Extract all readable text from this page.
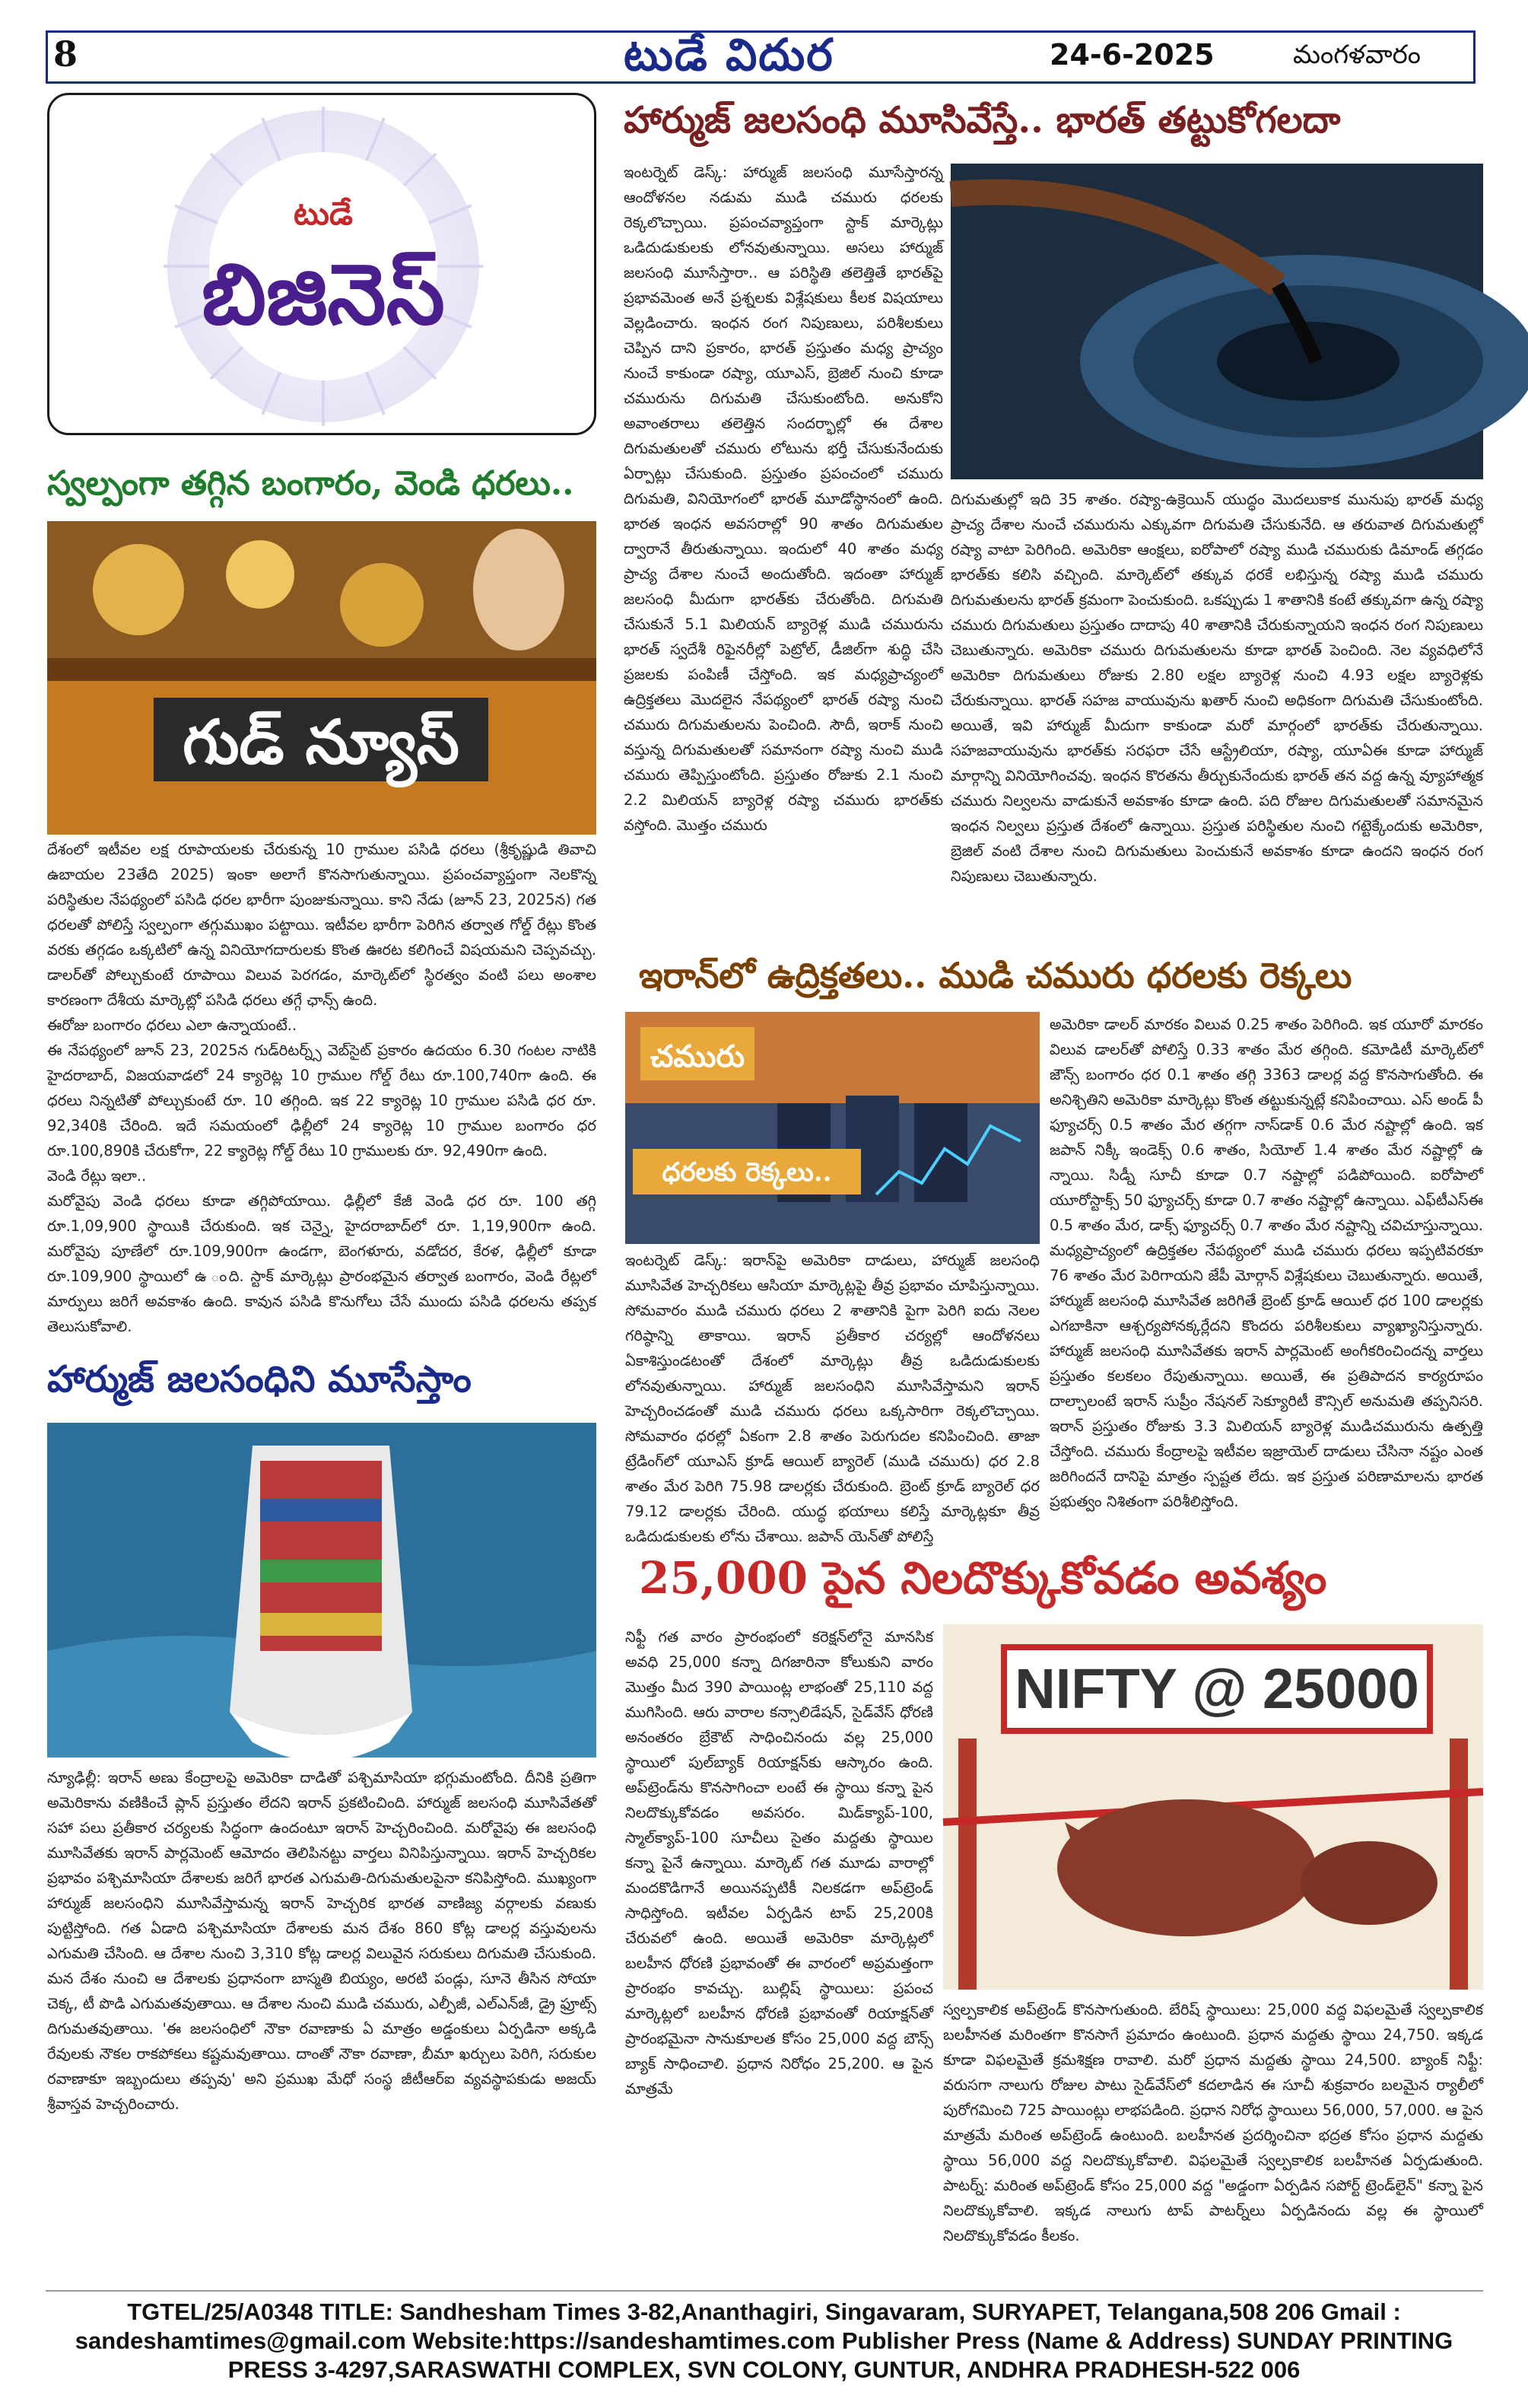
8	టుడే విదుర	24-6-2025	మంగళవారం
టుడే
బిజినెస్
స్వల్పంగా తగ్గిన బంగారం, వెండి ధరలు..
గుడ్ న్యూస్

దేశంలో ఇటీవల లక్ష రూపాయలకు చేరుకున్న 10 గ్రాముల పసిడి ధరలు (శ్రీకృష్ణుడి తివాచి ఉబాయల 23తేది 2025) ఇంకా అలాగే కొనసాగుతున్నాయి. ప్రపంచవ్యాప్తంగా నెలకొన్న పరిస్థితుల నేపథ్యంలో పసిడి ధరల భారీగా పుంజుకున్నాయి. కాని నేడు (జూన్ 23, 2025న) గత ధరలతో పోలిస్తే స్వల్పంగా తగ్గుముఖం పట్టాయి. ఇటీవల భారీగా పెరిగిన తర్వాత గోల్డ్ రేట్లు కొంత వరకు తగ్గడం ఒక్కటిలో ఉన్న వినియోగదారులకు కొంత ఊరట కలిగించే విషయమని చెప్పవచ్చు. డాలర్‌తో పోల్చుకుంటే రూపాయి విలువ పెరగడం, మార్కెట్‌లో స్థిరత్వం వంటి పలు అంశాల కారణంగా దేశీయ మార్కెట్లో పసిడి ధరలు తగ్గే ఛాన్స్ ఉంది.
ఈరోజు బంగారం ధరలు ఎలా ఉన్నాయంటే..
ఈ నేపథ్యంలో జూన్ 23, 2025న గుడ్‌రిటర్న్స్ వెబ్‌సైట్ ప్రకారం ఉదయం 6.30 గంటల నాటికి హైదరాబాద్, విజయవాడలో 24 క్యారెట్ల 10 గ్రాముల గోల్డ్ రేటు రూ.100,740గా ఉంది. ఈ ధరలు నిన్నటితో పోల్చుకుంటే రూ. 10 తగ్గింది. ఇక 22 క్యారెట్ల 10 గ్రాముల పసిడి ధర రూ. 92,340కి చేరింది. ఇదే సమయంలో ఢిల్లీలో 24 క్యారెట్ల 10 గ్రాముల బంగారం ధర రూ.100,890కి చేరుకోగా, 22 క్యారెట్ల గోల్డ్ రేటు 10 గ్రాములకు రూ. 92,490గా ఉంది.
వెండి రేట్లు ఇలా..
మరోవైపు వెండి ధరలు కూడా తగ్గిపోయాయి. ఢిల్లీలో కేజీ వెండి ధర రూ. 100 తగ్గి రూ.1,09,900 స్థాయికి చేరుకుంది. ఇక చెన్నై, హైదరాబాద్‌లో రూ. 1,19,900గా ఉంది. మరోవైపు పూణేలో రూ.109,900గా ఉండగా, బెంగళూరు, వడోదర, కేరళ, ఢిల్లీలో కూడా రూ.109,900 స్థాయిలో ఉ ంది. స్టాక్ మార్కెట్లు ప్రారంభమైన తర్వాత బంగారం, వెండి రేట్లలో మార్పులు జరిగే అవకాశం ఉంది. కావున పసిడి కొనుగోలు చేసే ముందు పసిడి ధరలను తప్పక తెలుసుకోవాలి.

హార్ముజ్ జలసంధిని మూసేస్తాం

న్యూఢిల్లీ: ఇరాన్ అణు కేంద్రాలపై అమెరికా దాడితో పశ్చిమాసియా భగ్గుమంటోంది. దీనికి ప్రతిగా అమెరికాను వణికించే ప్లాన్ ప్రస్తుతం లేదని ఇరాన్ ప్రకటించింది. హార్ముజ్ జలసంధి మూసివేతతో సహా పలు ప్రతీకార చర్యలకు సిద్ధంగా ఉందంటూ ఇరాన్ హెచ్చరించింది. మరోవైపు ఈ జలసంధి మూసివేతకు ఇరాన్ పార్లమెంట్ ఆమోదం తెలిపినట్టు వార్తలు వినిపిస్తున్నాయి. ఇరాన్ హెచ్చరికల ప్రభావం పశ్చిమాసియా దేశాలకు జరిగే భారత ఎగుమతి-దిగుమతులపైనా కనిపిస్తోంది. ముఖ్యంగా హార్ముజ్ జలసంధిని మూసివేస్తామన్న ఇరాన్ హెచ్చరిక భారత వాణిజ్య వర్గాలకు వణుకు పుట్టిస్తోంది. గత ఏడాది పశ్చిమాసియా దేశాలకు మన దేశం 860 కోట్ల డాలర్ల వస్తువులను ఎగుమతి చేసింది. ఆ దేశాల నుంచి 3,310 కోట్ల డాలర్ల విలువైన సరుకులు దిగుమతి చేసుకుంది. మన దేశం నుంచి ఆ దేశాలకు ప్రధానంగా బాస్మతి బియ్యం, అరటి పండ్లు, సూనె తీసిన సోయా చెక్క, టీ పొడి ఎగుమతవుతాయి. ఆ దేశాల నుంచి ముడి చమురు, ఎల్పీజీ, ఎల్ఎన్‌జీ, డ్రై ఫ్రూట్స్ దిగుమతవుతాయి. 'ఈ జలసంధిలో నౌకా రవాణాకు ఏ మాత్రం అడ్డంకులు ఏర్పడినా అక్కడి రేవులకు నౌకల రాకపోకలు కష్టమవుతాయి. దాంతో నౌకా రవాణా, బీమా ఖర్చులు పెరిగి, సరుకుల రవాణాకూ ఇబ్బందులు తప్పవు' అని ప్రముఖ మేధో సంస్థ జీటీఆర్ఐ వ్యవస్థాపకుడు అజయ్ శ్రీవాస్తవ హెచ్చరించారు.

హార్ముజ్ జలసంధి మూసివేస్తే.. భారత్ తట్టుకోగలదా

ఇంటర్నెట్ డెస్క్: హార్ముజ్ జలసంధి మూసేస్తారన్న ఆందోళనల నడుమ ముడి చమురు ధరలకు రెక్కలొచ్చాయి. ప్రపంచవ్యాప్తంగా స్టాక్ మార్కెట్లు ఒడిదుడుకులకు లోనవుతున్నాయి. అసలు హార్ముజ్ జలసంధి మూసేస్తారా.. ఆ పరిస్థితి తలెత్తితే భారత్‌పై ప్రభావమెంత అనే ప్రశ్నలకు విశ్లేషకులు కీలక విషయాలు వెల్లడించారు. ఇంధన రంగ నిపుణులు, పరిశీలకులు చెప్పిన దాని ప్రకారం, భారత్ ప్రస్తుతం మధ్య ప్రాచ్యం నుంచే కాకుండా రష్యా, యూఎస్, బ్రెజిల్ నుంచి కూడా చమురును దిగుమతి చేసుకుంటోంది. అనుకోని అవాంతరాలు తలెత్తిన సందర్భాల్లో ఈ దేశాల దిగుమతులతో చమురు లోటును భర్తీ చేసుకునేందుకు ఏర్పాట్లు చేసుకుంది. ప్రస్తుతం ప్రపంచంలో చమురు దిగుమతి, వినియోగంలో భారత్ మూడోస్థానంలో ఉంది. భారత ఇంధన అవసరాల్లో 90 శాతం దిగుమతుల ద్వారానే తీరుతున్నాయి. ఇందులో 40 శాతం మధ్య ప్రాచ్య దేశాల నుంచే అందుతోంది. ఇదంతా హార్ముజ్ జలసంధి మీదుగా భారత్‌కు చేరుతోంది. దిగుమతి చేసుకునే 5.1 మిలియన్ బ్యారెళ్ల ముడి చమురును భారత్ స్వదేశీ రిఫైనరీల్లో పెట్రోల్, డీజిల్‌గా శుద్ధి చేసి ప్రజలకు పంపిణీ చేస్తోంది. ఇక మధ్యప్రాచ్యంలో ఉద్రిక్తతలు మొదలైన నేపథ్యంలో భారత్ రష్యా నుంచి చమురు దిగుమతులను పెంచింది. సౌదీ, ఇరాక్ నుంచి వస్తున్న దిగుమతులతో సమానంగా రష్యా నుంచి ముడి చమురు తెప్పిస్తుంటోంది. ప్రస్తుతం రోజుకు 2.1 నుంచి 2.2 మిలియన్ బ్యారెళ్ల రష్యా చమురు భారత్‌కు వస్తోంది. మొత్తం చమురు

దిగుమతుల్లో ఇది 35 శాతం. రష్యా-ఉక్రెయిన్ యుద్ధం మొదలుకాక మునుపు భారత్ మధ్య ప్రాచ్య దేశాల నుంచే చమురును ఎక్కువగా దిగుమతి చేసుకునేది. ఆ తరువాత దిగుమతుల్లో రష్యా వాటా పెరిగింది. అమెరికా ఆంక్షలు, ఐరోపాలో రష్యా ముడి చమురుకు డిమాండ్ తగ్గడం భారత్‌కు కలిసి వచ్చింది. మార్కెట్‌లో తక్కువ ధరకే లభిస్తున్న రష్యా ముడి చమురు దిగుమతులను భారత్ క్రమంగా పెంచుకుంది. ఒకప్పుడు 1 శాతానికి కంటే తక్కువగా ఉన్న రష్యా చమురు దిగుమతులు ప్రస్తుతం దాదాపు 40 శాతానికి చేరుకున్నాయని ఇంధన రంగ నిపుణులు చెబుతున్నారు. అమెరికా చమురు దిగుమతులను కూడా భారత్ పెంచింది. నెల వ్యవధిలోనే అమెరికా దిగుమతులు రోజుకు 2.80 లక్షల బ్యారెళ్ల నుంచి 4.93 లక్షల బ్యారెళ్లకు చేరుకున్నాయి. భారత్ సహజ వాయువును ఖతార్ నుంచి అధికంగా దిగుమతి చేసుకుంటోంది. అయితే, ఇవి హార్ముజ్ మీదుగా కాకుండా మరో మార్గంలో భారత్‌కు చేరుతున్నాయి. సహజవాయువును భారత్‌కు సరఫరా చేసే ఆస్ట్రేలియా, రష్యా, యూఏఈ కూడా హార్ముజ్ మార్గాన్ని వినియోగించవు. ఇంధన కొరతను తీర్చుకునేందుకు భారత్ తన వద్ద ఉన్న వ్యూహాత్మక చమురు నిల్వలను వాడుకునే అవకాశం కూడా ఉంది. పది రోజుల దిగుమతులతో సమానమైన ఇంధన నిల్వలు ప్రస్తుత దేశంలో ఉన్నాయి. ప్రస్తుత పరిస్థితుల నుంచి గట్టెక్కేందుకు అమెరికా, బ్రెజిల్ వంటి దేశాల నుంచి దిగుమతులు పెంచుకునే అవకాశం కూడా ఉందని ఇంధన రంగ నిపుణులు చెబుతున్నారు.

ఇరాన్‌లో ఉద్రిక్తతలు.. ముడి చమురు ధరలకు రెక్కలు
చమురు
ధరలకు రెక్కలు..

ఇంటర్నెట్ డెస్క్: ఇరాన్‌పై అమెరికా దాడులు, హార్ముజ్ జలసంధి మూసివేత హెచ్చరికలు ఆసియా మార్కెట్లపై తీవ్ర ప్రభావం చూపిస్తున్నాయి. సోమవారం ముడి చమురు ధరలు 2 శాతానికి పైగా పెరిగి ఐదు నెలల గరిష్ఠాన్ని తాకాయి. ఇరాన్ ప్రతీకార చర్యల్లో ఆందోళనలు ఏకాశిస్తుండటంతో దేశంలో మార్కెట్లు తీవ్ర ఒడిదుడుకులకు లోనవుతున్నాయి. హార్ముజ్ జలసంధిని మూసివేస్తామని ఇరాన్ హెచ్చరించడంతో ముడి చమురు ధరలు ఒక్కసారిగా రెక్కలొచ్చాయి. సోమవారం ధరల్లో ఏకంగా 2.8 శాతం పెరుగుదల కనిపించింది. తాజా ట్రేడింగ్‌లో యూఎస్ క్రూడ్ ఆయిల్ బ్యారెల్ (ముడి చమురు) ధర 2.8 శాతం మేర పెరిగి 75.98 డాలర్లకు చేరుకుంది. బ్రెంట్ క్రూడ్ బ్యారెల్ ధర 79.12 డాలర్లకు చేరింది. యుద్ధ భయాలు కలిస్తే మార్కెట్లకూ తీవ్ర ఒడిదుడుకులకు లోను చేశాయి. జపాన్ యెన్‌తో పోలిస్తే

అమెరికా డాలర్ మారకం విలువ 0.25 శాతం పెరిగింది. ఇక యూరో మారకం విలువ డాలర్‌తో పోలిస్తే 0.33 శాతం మేర తగ్గింది. కమోడిటీ మార్కెట్‌లో జౌన్స్ బంగారం ధర 0.1 శాతం తగ్గి 3363 డాలర్ల వద్ద కొనసాగుతోంది. ఈ అనిశ్చితిని అమెరికా మార్కెట్లు కొంత తట్టుకున్నట్లే కనిపించాయి. ఎస్ అండ్ పీ ఫ్యూచర్స్ 0.5 శాతం మేర తగ్గగా నాస్‌డాక్ 0.6 మేర నష్టాల్లో ఉంది. ఇక జపాన్ నిక్కీ ఇండెక్స్ 0.6 శాతం, సియోల్ 1.4 శాతం మేర నష్టాల్లో ఉ న్నాయి. సిడ్నీ సూచీ కూడా 0.7 నష్టాల్లో పడిపోయింది. ఐరోపాలో యూరోస్టాక్స్ 50 ఫ్యూచర్స్ కూడా 0.7 శాతం నష్టాల్లో ఉన్నాయి. ఎఫ్‌టీఎస్‌ఈ 0.5 శాతం మేర, డాక్స్ ఫ్యూచర్స్ 0.7 శాతం మేర నష్టాన్ని చవిచూస్తున్నాయి. మధ్యప్రాచ్యంలో ఉద్రిక్తతల నేపథ్యంలో ముడి చమురు ధరలు ఇప్పటివరకూ 76 శాతం మేర పెరిగాయని జేపీ మోర్గాన్ విశ్లేషకులు చెబుతున్నారు. అయితే, హార్ముజ్ జలసంధి మూసివేత జరిగితే బ్రెంట్ క్రూడ్ ఆయిల్ ధర 100 డాలర్లకు ఎగబాకినా ఆశ్చర్యపోనక్కర్లేదని కొందరు పరిశీలకులు వ్యాఖ్యానిస్తున్నారు. హార్ముజ్ జలసంధి మూసివేతకు ఇరాన్ పార్లమెంట్ అంగీకరించిందన్న వార్తలు ప్రస్తుతం కలకలం రేపుతున్నాయి. అయితే, ఈ ప్రతిపాదన కార్యరూపం దాల్చాలంటే ఇరాన్ సుప్రీం నేషనల్ సెక్యూరిటీ కౌన్సిల్ అనుమతి తప్పనిసరి. ఇరాన్ ప్రస్తుతం రోజుకు 3.3 మిలియన్ బ్యారెళ్ల ముడిచమురును ఉత్పత్తి చేస్తోంది. చమురు కేంద్రాలపై ఇటీవల ఇజ్రాయెల్ దాడులు చేసినా నష్టం ఎంత జరిగిందనే దానిపై మాత్రం స్పష్టత లేదు. ఇక ప్రస్తుత పరిణామాలను భారత ప్రభుత్వం నిశితంగా పరిశీలిస్తోంది.

25,000 పైన నిలదొక్కుకోవడం అవశ్యం

నిఫ్టీ గత వారం ప్రారంభంలో కరెక్షన్‌‌‌‌‌‌‌‌‌‌‌‌‌‌‌‌‌‌‌‌‌‌‌‌‌‌‌‌‌‌‌‌‌‌‌‌‌‌‌‌‌‌‌‌లోనై మానసిక అవధి 25,000 కన్నా దిగజారినా కోలుకుని వారం మొత్తం మీద 390 పాయింట్ల లాభంతో 25,110 వద్ద ముగిసింది. ఆరు వారాల కన్సాలిడేషన్, సైడ్‌వేస్ ధోరణి అనంతరం బ్రేకౌట్ సాధించినందు వల్ల 25,000 స్థాయిలో పుల్‌బ్యాక్ రియాక్షన్‌కు ఆస్కారం ఉంది. అప్‌ట్రెండ్‌ను కొనసాగించా లంటే ఈ స్థాయి కన్నా పైన నిలదొక్కుకోవడం అవసరం. మిడ్‌క్యాప్-100, స్మాల్‌క్యాప్-100 సూచీలు సైతం మద్దతు స్థాయిల కన్నా పైనే ఉన్నాయి. మార్కెట్ గత మూడు వారాల్లో మందకొడిగానే అయినప్పటికీ నిలకడగా అప్‌ట్రెండ్ సాధిస్తోంది. ఇటీవల ఏర్పడిన టాప్ 25,200కి చేరువలో ఉంది. అయితే అమెరికా మార్కెట్లలో బలహీన ధోరణి ప్రభావంతో ఈ వారంలో అప్రమత్తంగా ప్రారంభం కావచ్చు. బుల్లిష్ స్థాయిలు: ప్రపంచ మార్కెట్లలో బలహీన ధోరణి ప్రభావంతో రియాక్షన్‌తో ప్రారంభమైనా సానుకూలత కోసం 25,000 వద్ద బౌన్స్ బ్యాక్ సాధించాలి. ప్రధాన నిరోధం 25,200. ఆ పైన మాత్రమే

NIFTY @ 25000

స్వల్పకాలిక అప్‌ట్రెండ్ కొనసాగుతుంది. బేరిష్ స్థాయిలు: 25,000 వద్ద విఫలమైతే స్వల్పకాలిక బలహీనత మరింతగా కొనసాగే ప్రమాదం ఉంటుంది. ప్రధాన మద్దతు స్థాయి 24,750. ఇక్కడ కూడా విఫలమైతే క్రమశిక్షణ రావాలి. మరో ప్రధాన మద్దతు స్థాయి 24,500. బ్యాంక్ నిఫ్టీ: వరుసగా నాలుగు రోజుల పాటు సైడ్‌వేస్‌లో కదలాడిన ఈ సూచీ శుక్రవారం బలమైన ర్యాలీలో పురోగమించి 725 పాయింట్లు లాభపడింది. ప్రధాన నిరోధ స్థాయిలు 56,000, 57,000. ఆ పైన మాత్రమే మరింత అప్‌ట్రెండ్ ఉంటుంది. బలహీనత ప్రదర్శించినా భద్రత కోసం ప్రధాన మద్దతు స్థాయి 56,000 వద్ద నిలదొక్కుకోవాలి. విఫలమైతే స్వల్పకాలిక బలహీనత ఏర్పడుతుంది. పాటర్న్: మరింత అప్‌ట్రెండ్ కోసం 25,000 వద్ద "అడ్డంగా ఏర్పడిన సపోర్ట్ ట్రెండ్‌లైన్" కన్నా పైన నిలదొక్కుకోవాలి. ఇక్కడ నాలుగు టాప్ పాటర్న్‌లు ఏర్పడినందు వల్ల ఈ స్థాయిలో నిలదొక్కుకోవడం కీలకం.

TGTEL/25/A0348 TITLE: Sandhesham Times 3-82,Ananthagiri, Singavaram, SURYAPET, Telangana,508 206 Gmail :
sandeshamtimes@gmail.com Website:https://sandeshamtimes.com Publisher Press (Name & Address) SUNDAY PRINTING
PRESS 3-4297,SARASWATHI COMPLEX, SVN COLONY, GUNTUR, ANDHRA PRADHESH-522 006
